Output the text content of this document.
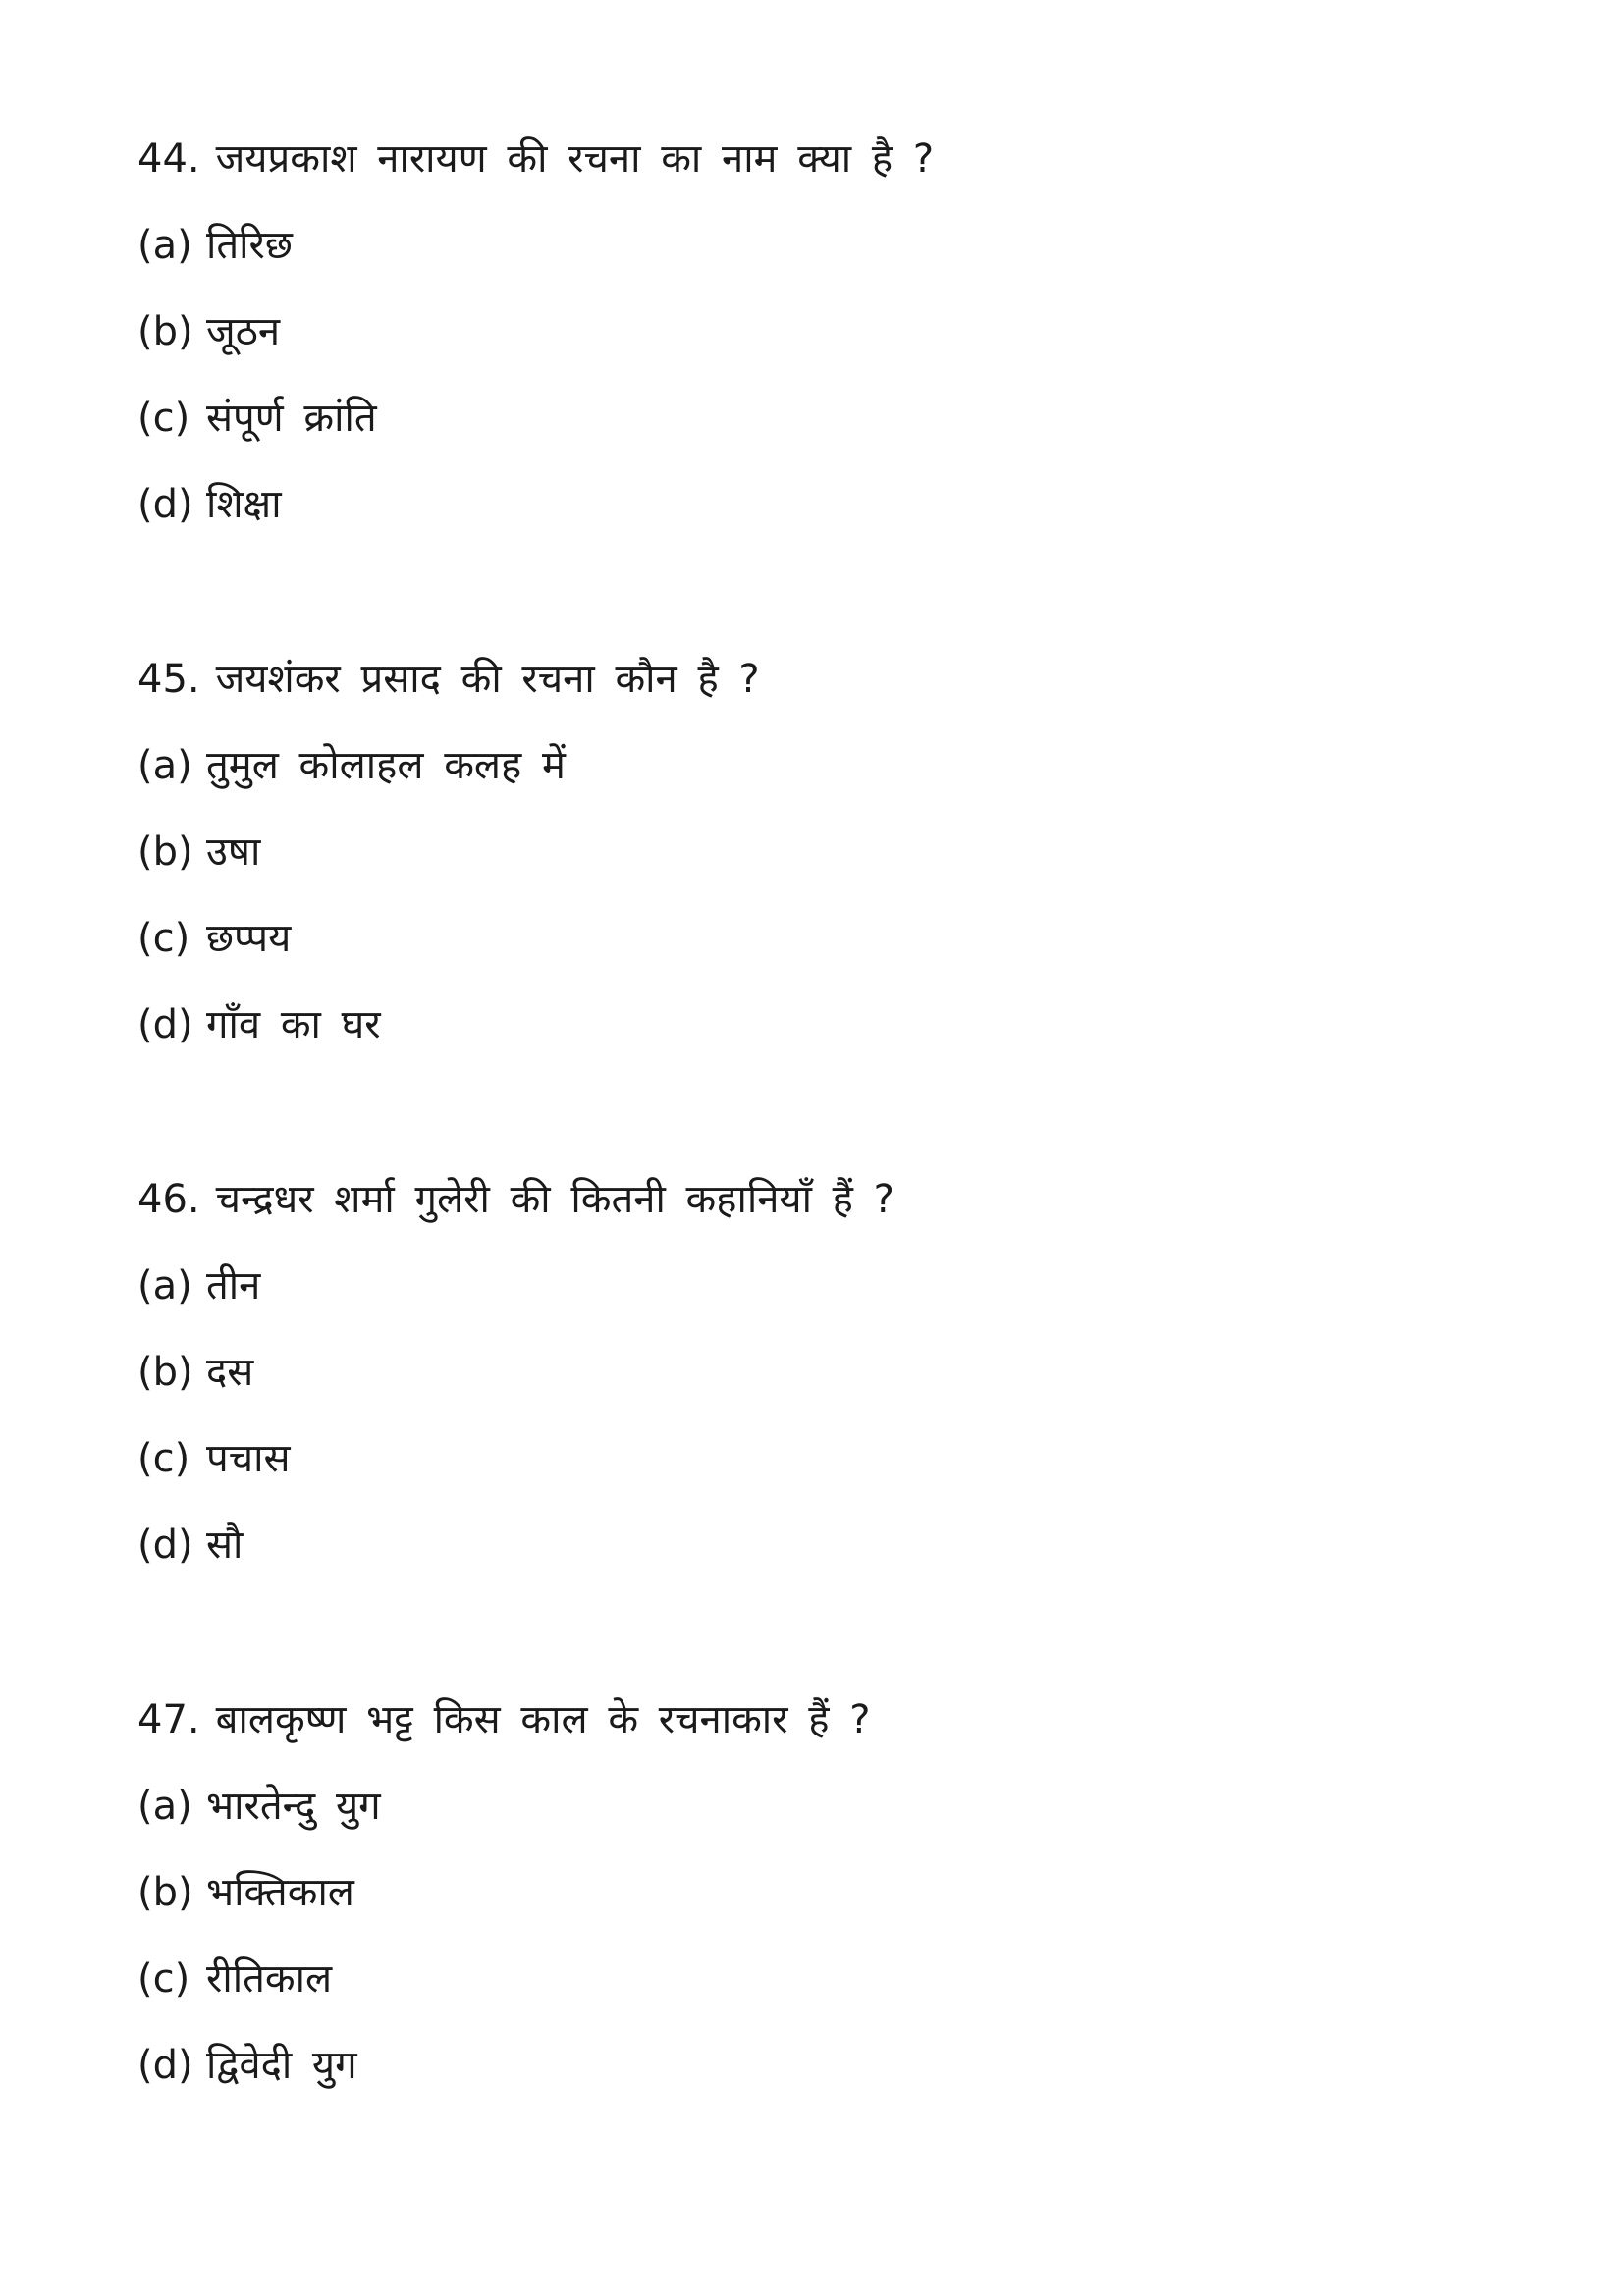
44. जयप्रकाश नारायण की रचना का नाम क्या है ?
(a) तिरिछ
(b) जूठन
(c) संपूर्ण क्रांति
(d) शिक्षा
45. जयशंकर प्रसाद की रचना कौन है ?
(a) तुमुल कोलाहल कलह में
(b) उषा
(c) छप्पय
(d) गाँव का घर
46. चन्द्रधर शर्मा गुलेरी की कितनी कहानियाँ हैं ?
(a) तीन
(b) दस
(c) पचास
(d) सौ
47. बालकृष्ण भट्ट किस काल के रचनाकार हैं ?
(a) भारतेन्दु युग
(b) भक्तिकाल
(c) रीतिकाल
(d) द्विवेदी युग
